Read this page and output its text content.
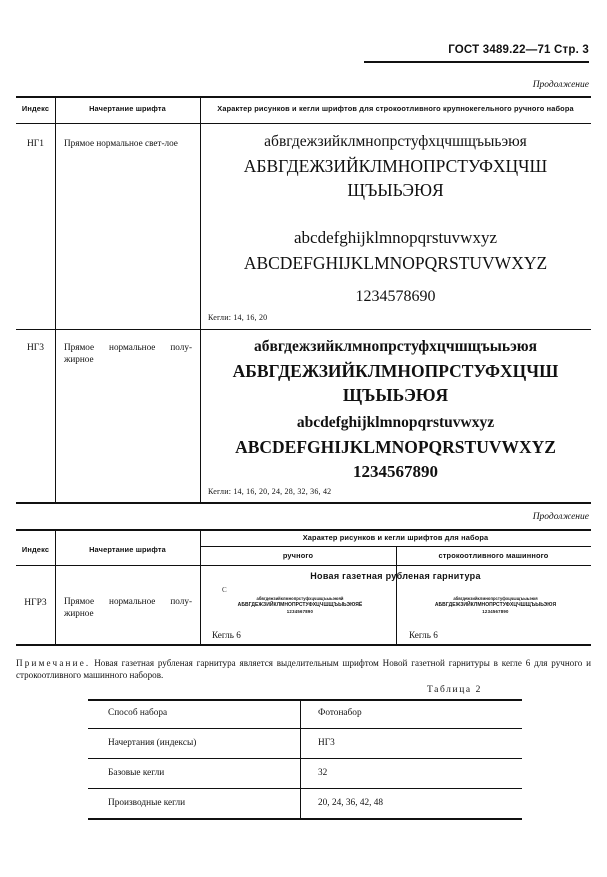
ГОСТ 3489.22—71 Стр. 3
Продолжение
Индекс	Начертание шрифта	Характер рисунков и кегли шрифтов для строкоотливного крупнокегельного ручного набора
НГ1	Прямое нормальное свет-лое	абвгдежзийклмнопрстуфхцчшщъыьэюя
АБВГДЕЖЗИЙКЛМНОПРСТУФХЦЧШ
ЩЪЫЬЭЮЯ
abcdefghijklmnopqrstuvwxyz
ABCDEFGHIJKLMNOPQRSTUVWXYZ
1234578690
Кегли: 14, 16, 20
НГ3	Прямое нормальное полу-жирное
абвгдежзийклмнопрстуфхцчшщъыьэюя
АБВГДЕЖЗИЙКЛМНОПРСТУФХЦЧШ
ЩЪЫЬЭЮЯ
abcdefghijklmnopqrstuvwxyz
ABCDEFGHIJKLMNOPQRSTUVWXYZ
1234567890
Кегли: 14, 16, 20, 24, 28, 32, 36, 42
Продолжение
Индекс	Начертание шрифта
Характер рисунков и кегли шрифтов для набора
ручного	строкоотливного машинного
Новая газетная рубленая гарнитура
НГР3	Прямое нормальное полу-жирное
С
абвгдежзийклмнопрстуфхцчшщъыьэюяй
АБВГДЕЖЗИЙКЛМНОПРСТУФХЦЧШЩЪЫЬЭЮЯЁ
1234567890
Кегль 6
абвгдежзийклмнопрстуфхцчшщъыьэюя
АБВГДЕЖЗИЙКЛМНОПРСТУФХЦЧШЩЪЫЬЭЮЯ
1234567890
Кегль 6
Примечание. Новая газетная рубленая гарнитура является выделительным шрифтом Новой газетной гарнитуры в кегле 6 для ручного и строкоотливного машинного наборов.
Таблица 2
Способ набора	Фотонабор
Начертания (индексы)	НГ3
Базовые кегли	32
Производные кегли	20, 24, 36, 42, 48
